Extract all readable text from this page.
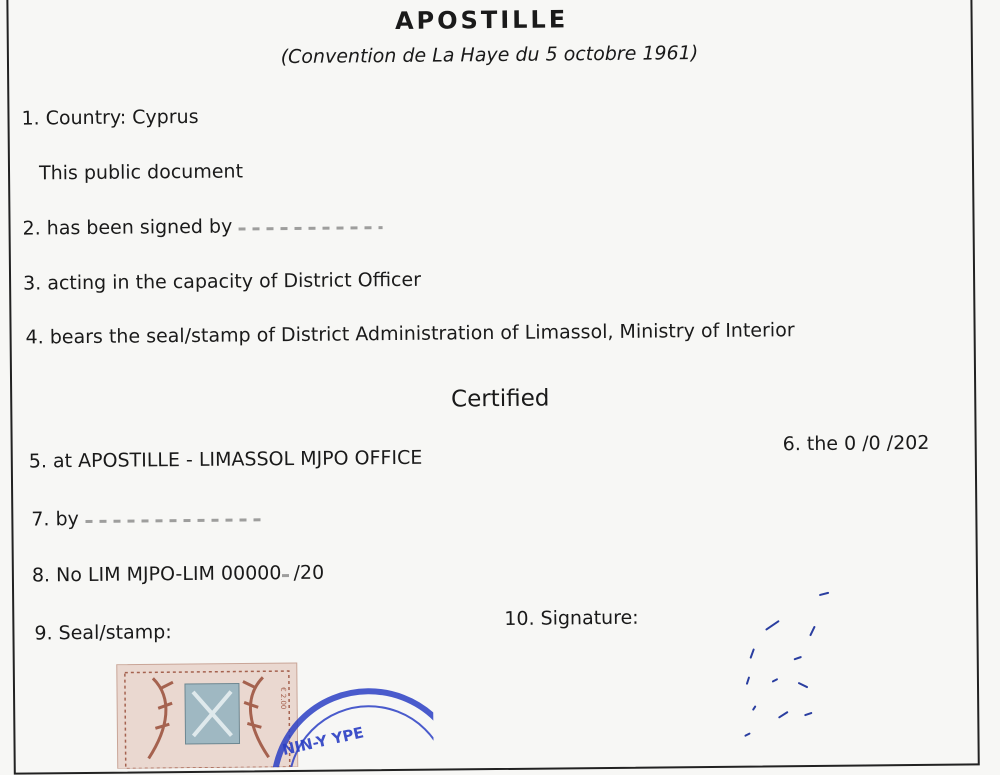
APOSTILLE
(Convention de La Haye du 5 octobre 1961)
1. Country: Cyprus
This public document
2. has been signed by
3. acting in the capacity of District Officer
4. bears the seal/stamp of District Administration of Limassol, Ministry of Interior
Certified
5. at APOSTILLE - LIMASSOL MJPO OFFICE
6. the 0 /0 /202
7. by
8. No LIM MJPO-LIM 00000 /20
9. Seal/stamp:
10. Signature:
€ 2.00
NIN-Y YPE
